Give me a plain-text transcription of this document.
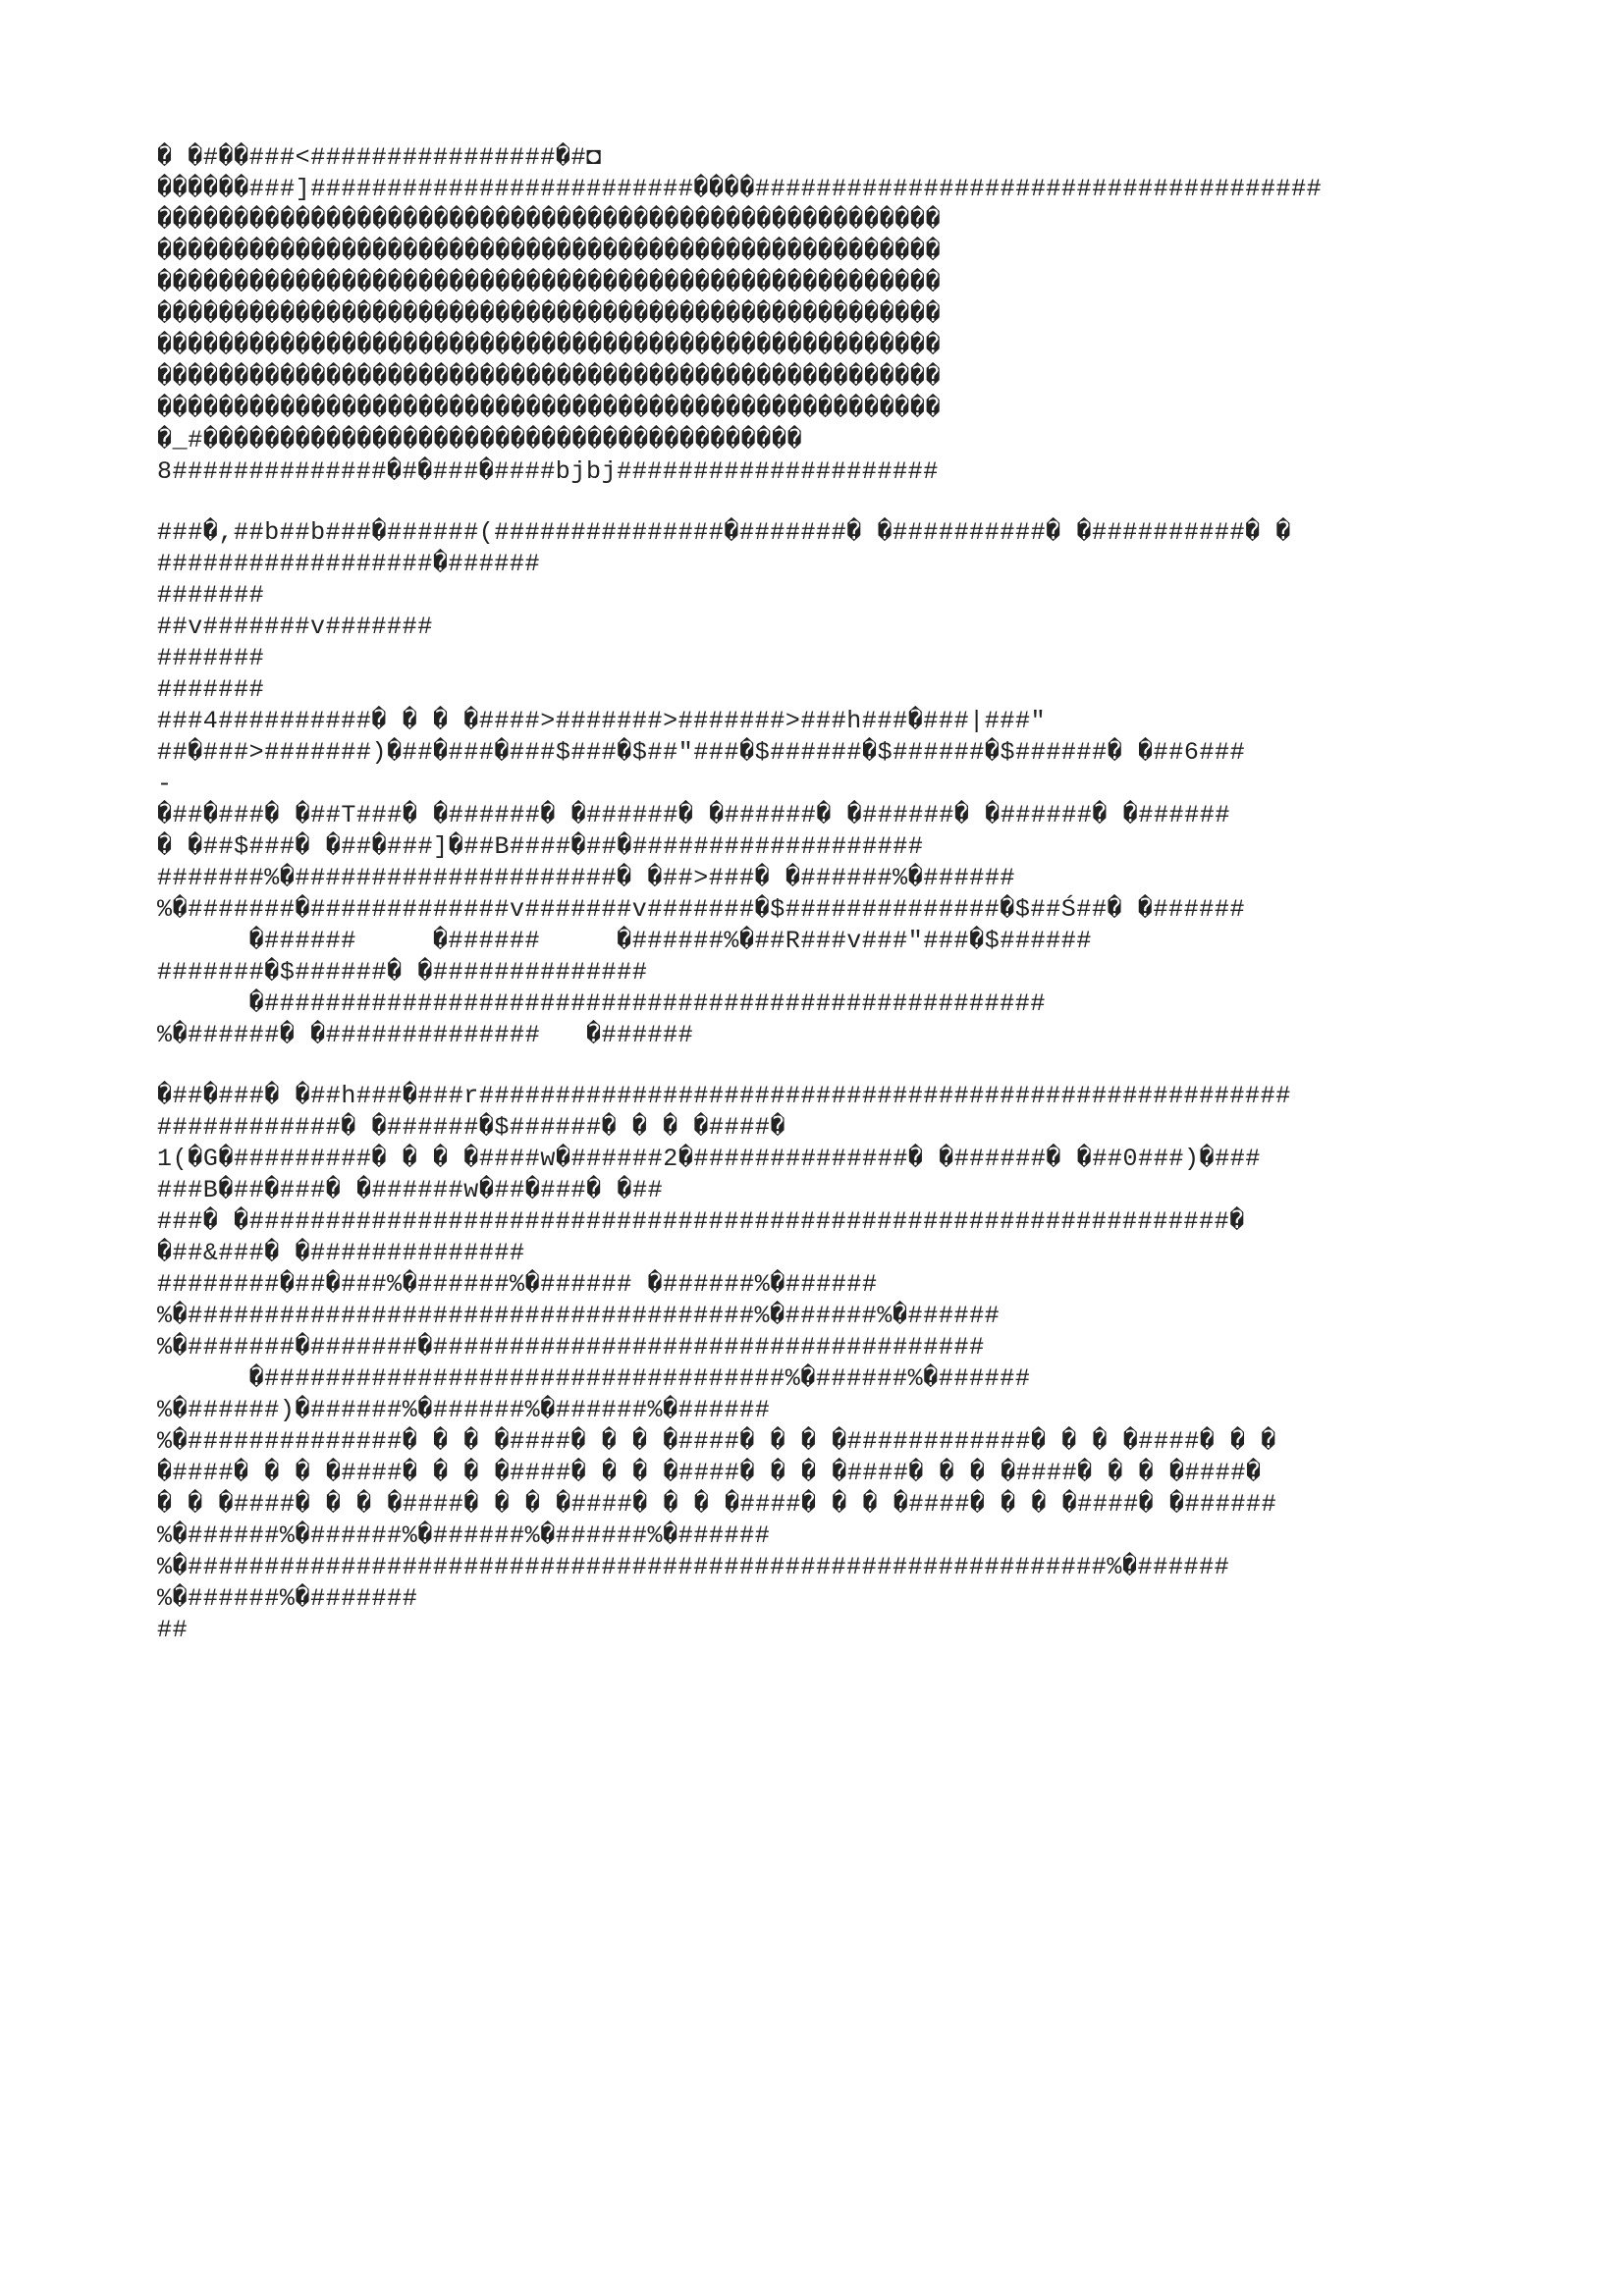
� �#��###<################�#◘
������###]#########################����#####################################
���������������������������������������������������
���������������������������������������������������
���������������������������������������������������
���������������������������������������������������
���������������������������������������������������
���������������������������������������������������
���������������������������������������������������
�_#���������������������������������������
8##############�#�###�####bjbj#####################
###�,##b##b###�######(###############�#######� �##########� �##########� �
##################�######
#######
##v#######v#######
#######
#######
###4##########� � � �####>#######>#######>###h###�###|###"
##�###>#######)�##�###�###$###�$##"###�$######�$######�$######� �##6###
-
�##�###� �##T###� �######� �######� �######� �######� �######� �######
� �##$###� �##�###]�##B####�##�###################
#######%�#####################� �##>###� �######%�######
%�#######�#############v#######v#######�$##############�$##Ś##� �######
�######     �######     �######%�##R###v###"###�$######
#######�$######� �##############
�###################################################
%�######� �##############   �######
�##�###� �##h###�###r#####################################################
############� �######�$######� � � �####�
1(�G�#########� � � �####w�######2�##############� �######� �##0###)�###
###B�##�###� �######w�##�###� �##
###� �################################################################�
�##&###� �##############
########�##�###%�######%�###### �######%�######
%�#####################################%�######%�######
%�#######�#######�####################################
�##################################%�######%�######
%�######)�######%�######%�######%�######
%�##############� � � �####� � � �####� � � �############� � � �####� � �
�####� � � �####� � � �####� � � �####� � � �####� � � �####� � � �####�
� � �####� � � �####� � � �####� � � �####� � � �####� � � �####� �######
%�######%�######%�######%�######%�######
%�############################################################%�######
%�######%�#######
##
